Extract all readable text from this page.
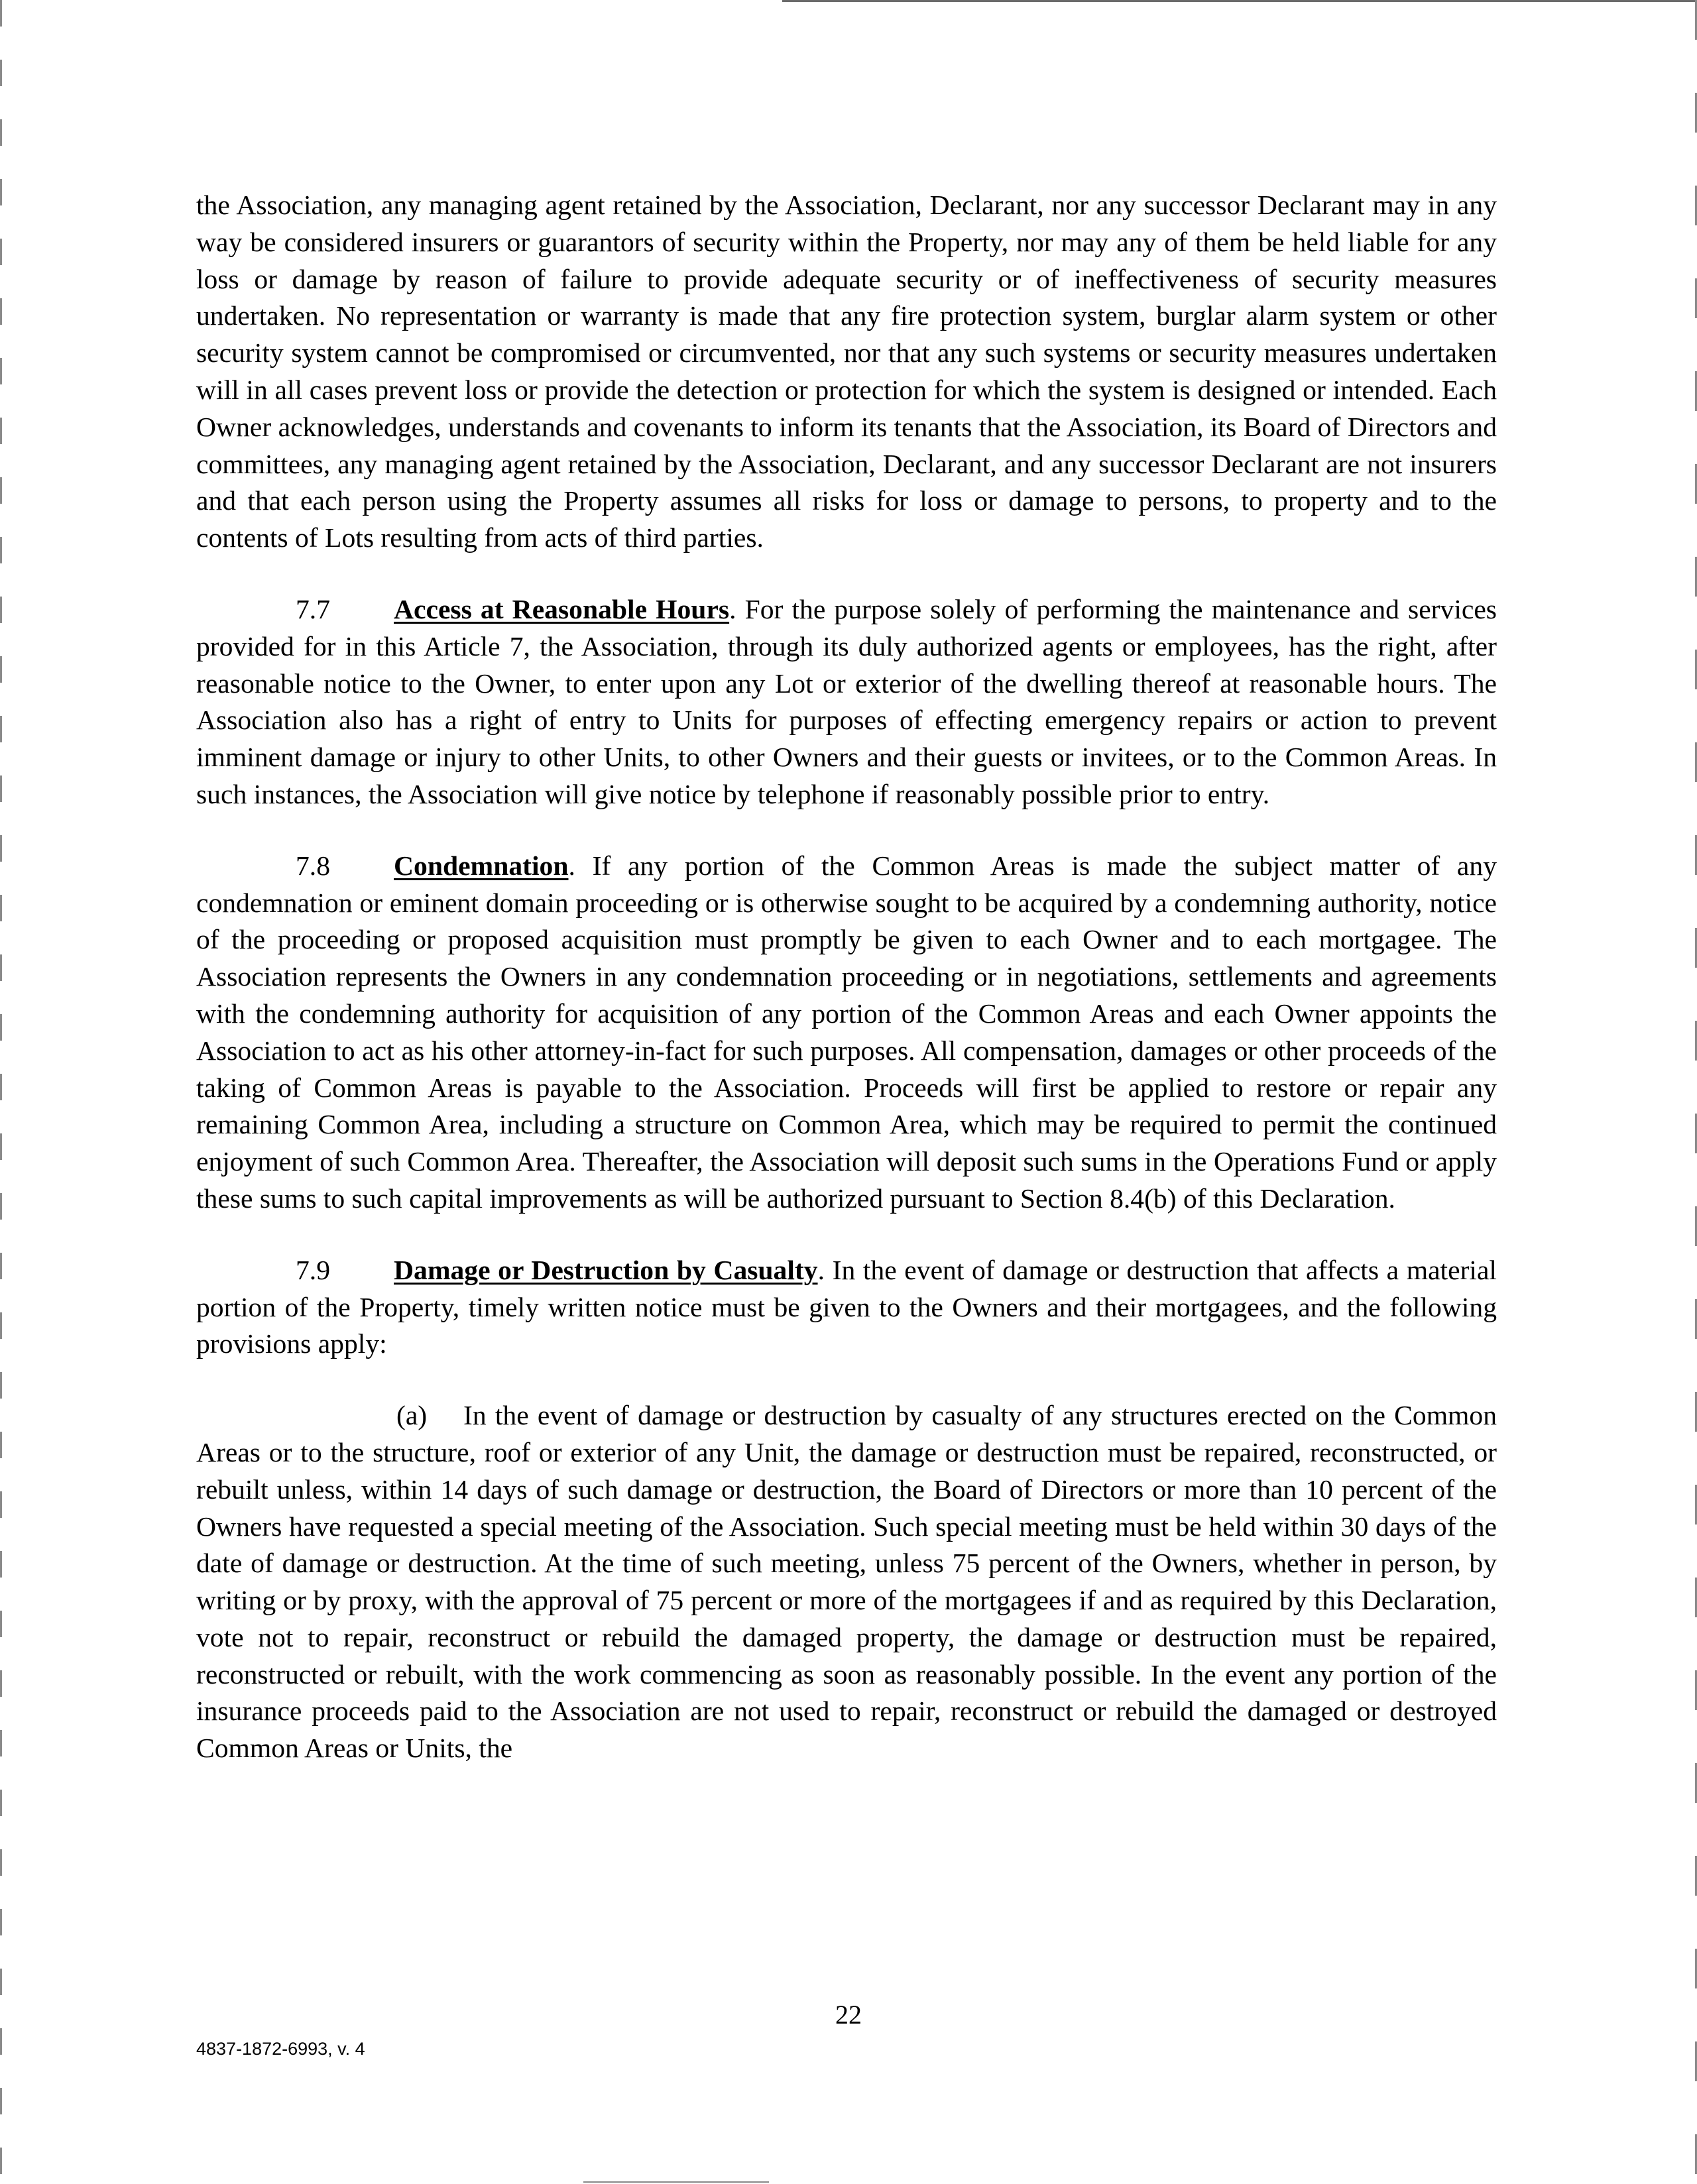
the Association, any managing agent retained by the Association, Declarant, nor any successor Declarant may in any way be considered insurers or guarantors of security within the Property, nor may any of them be held liable for any loss or damage by reason of failure to provide adequate security or of ineffectiveness of security measures undertaken. No representation or warranty is made that any fire protection system, burglar alarm system or other security system cannot be compromised or circumvented, nor that any such systems or security measures undertaken will in all cases prevent loss or provide the detection or protection for which the system is designed or intended. Each Owner acknowledges, understands and covenants to inform its tenants that the Association, its Board of Directors and committees, any managing agent retained by the Association, Declarant, and any successor Declarant are not insurers and that each person using the Property assumes all risks for loss or damage to persons, to property and to the contents of Lots resulting from acts of third parties.

7.7 Access at Reasonable Hours. For the purpose solely of performing the maintenance and services provided for in this Article 7, the Association, through its duly authorized agents or employees, has the right, after reasonable notice to the Owner, to enter upon any Lot or exterior of the dwelling thereof at reasonable hours. The Association also has a right of entry to Units for purposes of effecting emergency repairs or action to prevent imminent damage or injury to other Units, to other Owners and their guests or invitees, or to the Common Areas. In such instances, the Association will give notice by telephone if reasonably possible prior to entry.

7.8 Condemnation. If any portion of the Common Areas is made the subject matter of any condemnation or eminent domain proceeding or is otherwise sought to be acquired by a condemning authority, notice of the proceeding or proposed acquisition must promptly be given to each Owner and to each mortgagee. The Association represents the Owners in any condemnation proceeding or in negotiations, settlements and agreements with the condemning authority for acquisition of any portion of the Common Areas and each Owner appoints the Association to act as his other attorney-in-fact for such purposes. All compensation, damages or other proceeds of the taking of Common Areas is payable to the Association. Proceeds will first be applied to restore or repair any remaining Common Area, including a structure on Common Area, which may be required to permit the continued enjoyment of such Common Area. Thereafter, the Association will deposit such sums in the Operations Fund or apply these sums to such capital improvements as will be authorized pursuant to Section 8.4(b) of this Declaration.

7.9 Damage or Destruction by Casualty. In the event of damage or destruction that affects a material portion of the Property, timely written notice must be given to the Owners and their mortgagees, and the following provisions apply:

(a) In the event of damage or destruction by casualty of any structures erected on the Common Areas or to the structure, roof or exterior of any Unit, the damage or destruction must be repaired, reconstructed, or rebuilt unless, within 14 days of such damage or destruction, the Board of Directors or more than 10 percent of the Owners have requested a special meeting of the Association. Such special meeting must be held within 30 days of the date of damage or destruction. At the time of such meeting, unless 75 percent of the Owners, whether in person, by writing or by proxy, with the approval of 75 percent or more of the mortgagees if and as required by this Declaration, vote not to repair, reconstruct or rebuild the damaged property, the damage or destruction must be repaired, reconstructed or rebuilt, with the work commencing as soon as reasonably possible. In the event any portion of the insurance proceeds paid to the Association are not used to repair, reconstruct or rebuild the damaged or destroyed Common Areas or Units, the

22
4837-1872-6993, v. 4
